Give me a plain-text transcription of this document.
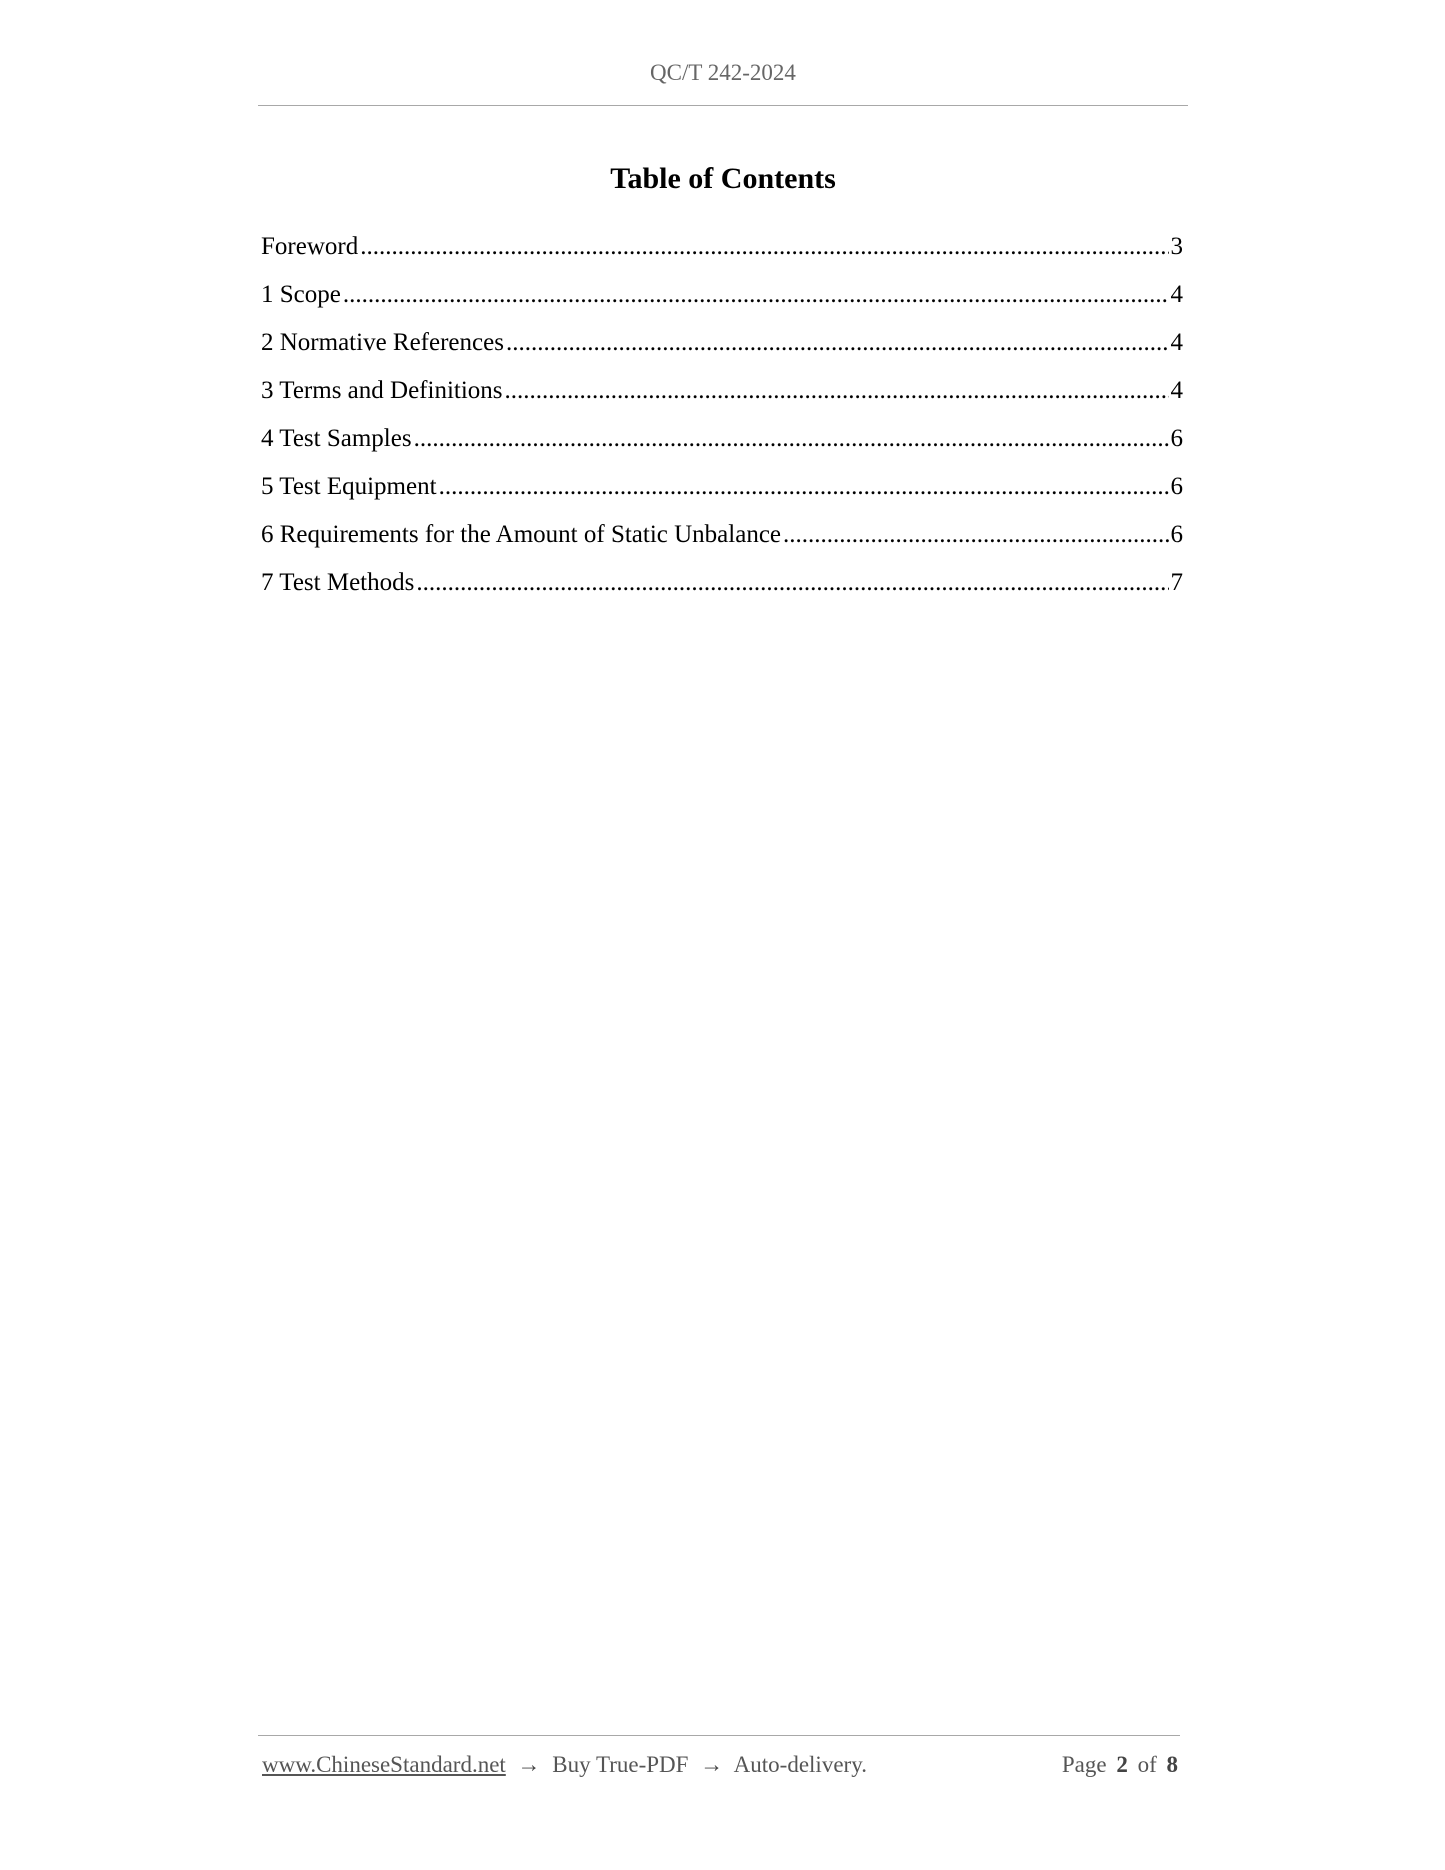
QC/T 242-2024
Table of Contents
Foreword .....	3
1 Scope .....	4
2 Normative References .....	4
3 Terms and Definitions .....	4
4 Test Samples .....	6
5 Test Equipment .....	6
6 Requirements for the Amount of Static Unbalance .....	6
7 Test Methods .....	7
www.ChineseStandard.net → Buy True-PDF → Auto-delivery.	Page 2 of 8
